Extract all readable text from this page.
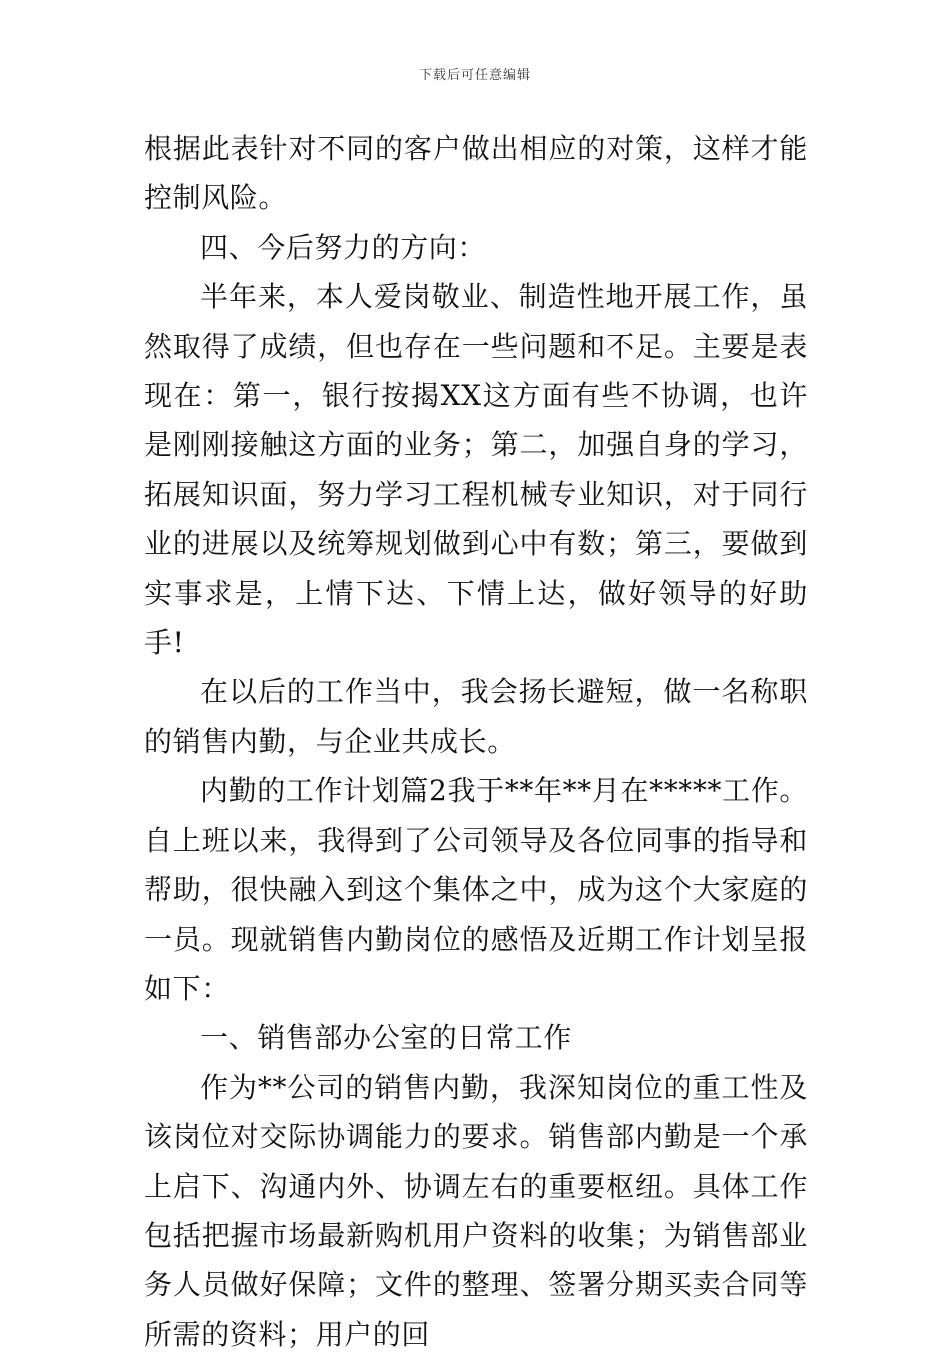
下载后可任意编辑

根据此表针对不同的客户做出相应的对策，这样才能控制风险。

四、今后努力的方向：

半年来，本人爱岗敬业、制造性地开展工作，虽然取得了成绩，但也存在一些问题和不足。主要是表现在：第一，银行按揭XX这方面有些不协调，也许是刚刚接触这方面的业务；第二，加强自身的学习，拓展知识面，努力学习工程机械专业知识，对于同行业的进展以及统筹规划做到心中有数；第三，要做到实事求是，上情下达、下情上达，做好领导的好助手!

在以后的工作当中，我会扬长避短，做一名称职的销售内勤，与企业共成长。

内勤的工作计划篇2我于**年**月在*****工作。自上班以来，我得到了公司领导及各位同事的指导和帮助，很快融入到这个集体之中，成为这个大家庭的一员。现就销售内勤岗位的感悟及近期工作计划呈报如下：

一、销售部办公室的日常工作

作为**公司的销售内勤，我深知岗位的重工性及该岗位对交际协调能力的要求。销售部内勤是一个承上启下、沟通内外、协调左右的重要枢纽。具体工作包括把握市场最新购机用户资料的收集；为销售部业务人员做好保障；文件的整理、签署分期买卖合同等所需的资料；用户的回
